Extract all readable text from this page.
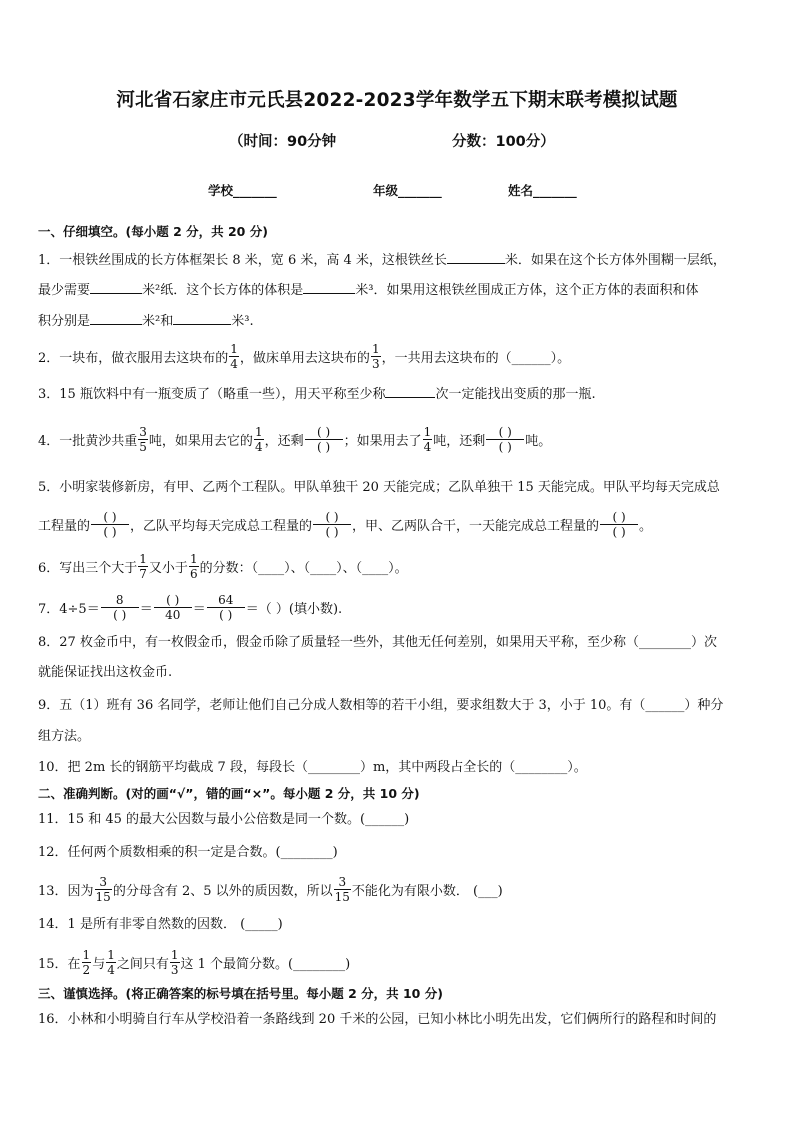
河北省石家庄市元氏县2022-2023学年数学五下期末联考模拟试题
（时间：90分钟	分数：100分）
学校_______	年级_______	姓名_______
一、仔细填空。(每小题 2 分，共 20 分)
1．一根铁丝围成的长方体框架长 8 米，宽 6 米，高 4 米，这根铁丝长	米．如果在这个长方体外围糊一层纸，
最少需要	米²纸．这个长方体的体积是	米³．如果用这根铁丝围成正方体，这个正方体的表面积和体
积分别是	米²和	米³.
2．一块布，做衣服用去这块布的 $\frac{1}{4}$ ，做床单用去这块布的 $\frac{1}{3}$ ，一共用去这块布的（______）。
3．15 瓶饮料中有一瓶变质了（略重一些），用天平称至少称	次一定能找出变质的那一瓶.
4．一批黄沙共重 $\frac{3}{5}$ 吨，如果用去它的 $\frac{1}{4}$ ，还剩 $\frac{( )}{( )}$ ；如果用去了 $\frac{1}{4}$ 吨，还剩 $\frac{( )}{( )}$ 吨。
5．小明家装修新房，有甲、乙两个工程队。甲队单独干 20 天能完成；乙队单独干 15 天能完成。甲队平均每天完成总
工程量的 $\frac{( )}{( )}$ ，乙队平均每天完成总工程量的 $\frac{( )}{( )}$ ，甲、乙两队合干，一天能完成总工程量的 $\frac{( )}{( )}$ 。
6．写出三个大于 $\frac{1}{7}$ 又小于 $\frac{1}{6}$ 的分数：（____）、（____）、（____）。
7．$4\div 5= \frac{8}{( )} = \frac{( )}{40} = \frac{64}{( )}$ ＝（ ）(填小数).
8．27 枚金币中，有一枚假金币，假金币除了质量轻一些外，其他无任何差别，如果用天平称，至少称（________）次
就能保证找出这枚金币.
9．五（1）班有 36 名同学，老师让他们自己分成人数相等的若干小组，要求组数大于 3，小于 10。有（______）种分
组方法。
10．把 2m 长的钢筋平均截成 7 段，每段长（________）m，其中两段占全长的（________）。
二、准确判断。(对的画“√”，错的画“×”。每小题 2 分，共 10 分)
11．15 和 45 的最大公因数与最小公倍数是同一个数。(______)
12．任何两个质数相乘的积一定是合数。(________)
13．因为 $\frac{3}{15}$ 的分母含有 2、5 以外的质因数，所以 $\frac{3}{15}$ 不能化为有限小数． (___)
14．1 是所有非零自然数的因数． (_____)
15．在 $\frac{1}{2}$ 与 $\frac{1}{4}$ 之间只有 $\frac{1}{3}$ 这 1 个最简分数。(________)
三、谨慎选择。(将正确答案的标号填在括号里。每小题 2 分，共 10 分)
16．小林和小明骑自行车从学校沿着一条路线到 20 千米的公园，已知小林比小明先出发，它们俩所行的路程和时间的
